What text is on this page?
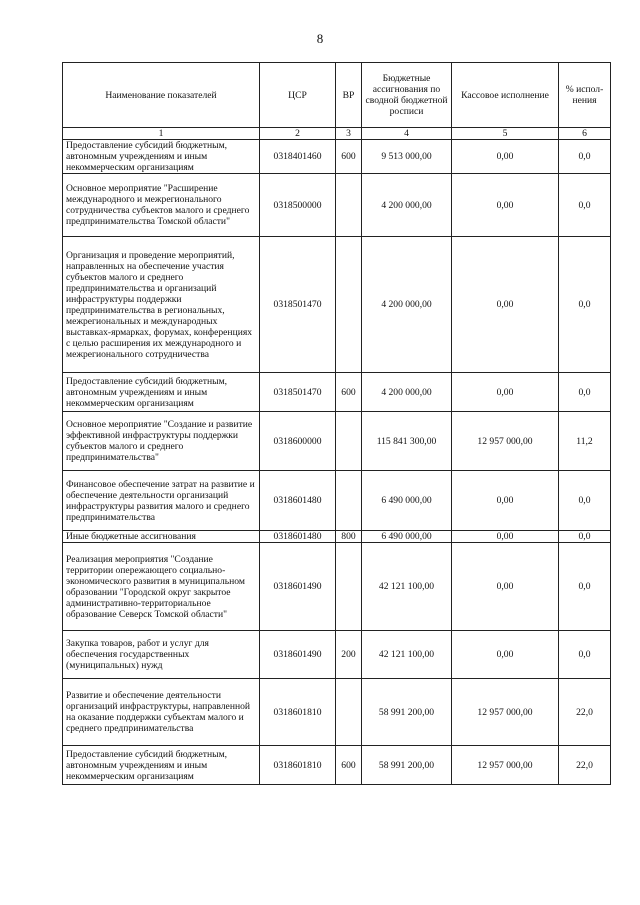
8
Наименование показателей	ЦСР	ВР	Бюджетные ассигнования по сводной бюджетной росписи	Кассовое исполнение	% испол-нения
1	2	3	4	5	6
Предоставление субсидий бюджетным, автономным учреждениям и иным некоммерческим организациям	0318401460	600	9 513 000,00	0,00	0,0
Основное мероприятие "Расширение международного и межрегионального сотрудничества субъектов малого и среднего предпринимательства Томской области"	0318500000		4 200 000,00	0,00	0,0
Организация и проведение мероприятий, направленных на обеспечение участия субъектов малого и среднего предпринимательства и организаций инфраструктуры поддержки предпринимательства в региональных, межрегиональных и международных выставках-ярмарках, форумах, конференциях с целью расширения их международного и межрегионального сотрудничества	0318501470		4 200 000,00	0,00	0,0
Предоставление субсидий бюджетным, автономным учреждениям и иным некоммерческим организациям	0318501470	600	4 200 000,00	0,00	0,0
Основное мероприятие "Создание и развитие эффективной инфраструктуры поддержки субъектов малого и среднего предпринимательства"	0318600000		115 841 300,00	12 957 000,00	11,2
Финансовое обеспечение затрат на развитие и обеспечение деятельности организаций инфраструктуры развития малого и среднего предпринимательства	0318601480		6 490 000,00	0,00	0,0
Иные бюджетные ассигнования	0318601480	800	6 490 000,00	0,00	0,0
Реализация мероприятия "Создание территории опережающего социально-экономического развития в муниципальном образовании "Городской округ закрытое административно-территориальное образование Северск Томской области"	0318601490		42 121 100,00	0,00	0,0
Закупка товаров, работ и услуг для обеспечения государственных (муниципальных) нужд	0318601490	200	42 121 100,00	0,00	0,0
Развитие и обеспечение деятельности организаций инфраструктуры, направленной на оказание поддержки субъектам малого и среднего предпринимательства	0318601810		58 991 200,00	12 957 000,00	22,0
Предоставление субсидий бюджетным, автономным учреждениям и иным некоммерческим организациям	0318601810	600	58 991 200,00	12 957 000,00	22,0
